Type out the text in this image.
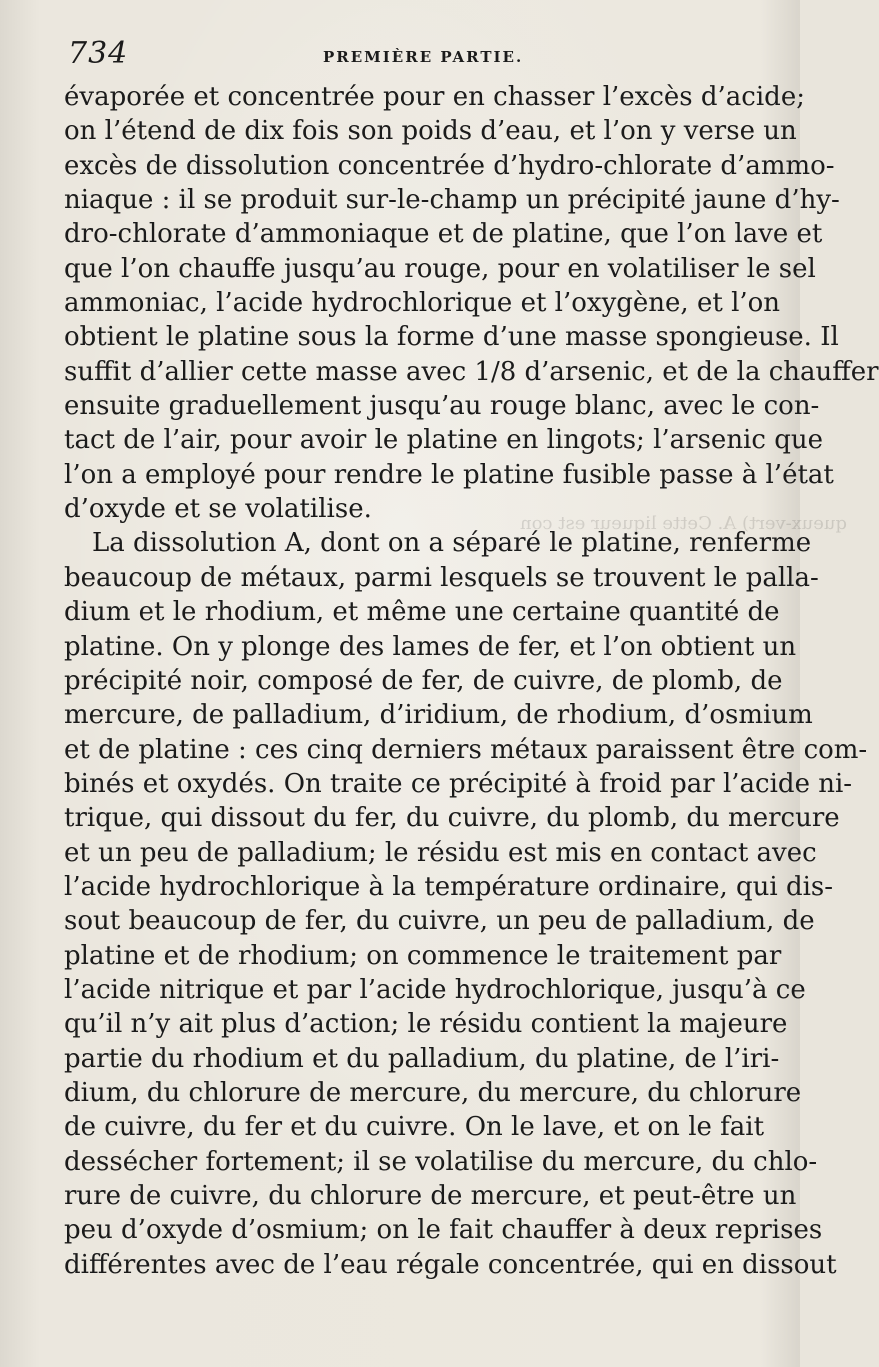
734	PREMIÈRE PARTIE.
queux-vert) A. Cette liqueur est con
évaporée et concentrée pour en chasser l’excès d’acide;
on l’étend de dix fois son poids d’eau, et l’on y verse un
excès de dissolution concentrée d’hydro-chlorate d’ammo-
niaque : il se produit sur-le-champ un précipité jaune d’hy-
dro-chlorate d’ammoniaque et de platine, que l’on lave et
que l’on chauffe jusqu’au rouge, pour en volatiliser le sel
ammoniac, l’acide hydrochlorique et l’oxygène, et l’on
obtient le platine sous la forme d’une masse spongieuse. Il
suffit d’allier cette masse avec 1/8 d’arsenic, et de la chauffer
ensuite graduellement jusqu’au rouge blanc, avec le con-
tact de l’air, pour avoir le platine en lingots; l’arsenic que
l’on a employé pour rendre le platine fusible passe à l’état
d’oxyde et se volatilise.
La dissolution A, dont on a séparé le platine, renferme
beaucoup de métaux, parmi lesquels se trouvent le palla-
dium et le rhodium, et même une certaine quantité de
platine. On y plonge des lames de fer, et l’on obtient un
précipité noir, composé de fer, de cuivre, de plomb, de
mercure, de palladium, d’iridium, de rhodium, d’osmium
et de platine : ces cinq derniers métaux paraissent être com-
binés et oxydés. On traite ce précipité à froid par l’acide ni-
trique, qui dissout du fer, du cuivre, du plomb, du mercure
et un peu de palladium; le résidu est mis en contact avec
l’acide hydrochlorique à la température ordinaire, qui dis-
sout beaucoup de fer, du cuivre, un peu de palladium, de
platine et de rhodium; on commence le traitement par
l’acide nitrique et par l’acide hydrochlorique, jusqu’à ce
qu’il n’y ait plus d’action; le résidu contient la majeure
partie du rhodium et du palladium, du platine, de l’iri-
dium, du chlorure de mercure, du mercure, du chlorure
de cuivre, du fer et du cuivre. On le lave, et on le fait
dessécher fortement; il se volatilise du mercure, du chlo-
rure de cuivre, du chlorure de mercure, et peut-être un
peu d’oxyde d’osmium; on le fait chauffer à deux reprises
différentes avec de l’eau régale concentrée, qui en dissout
